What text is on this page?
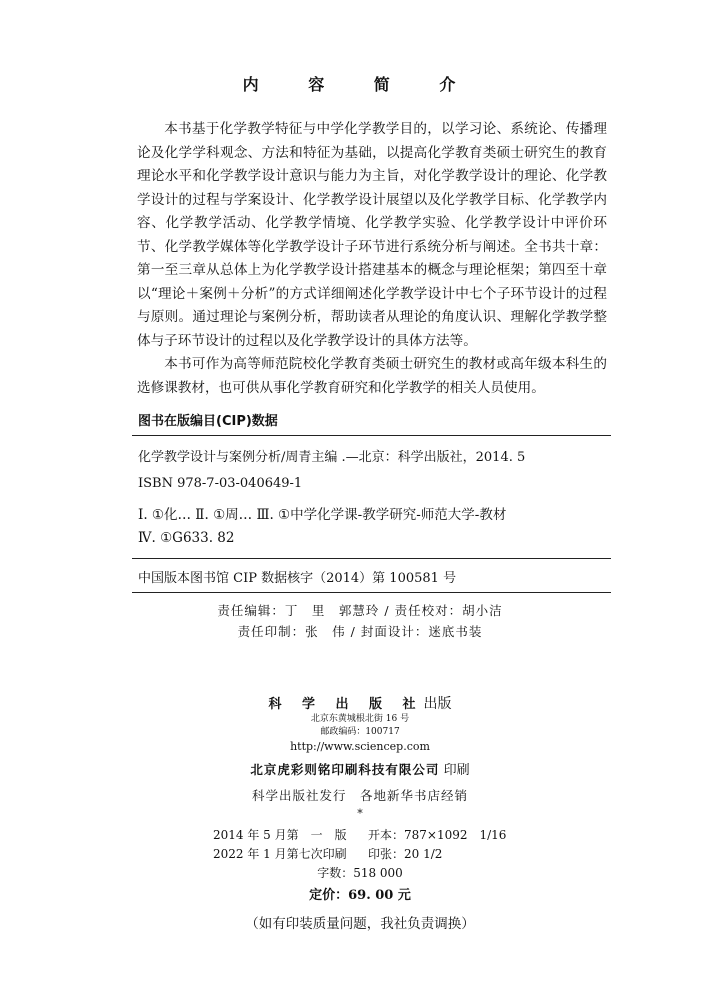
内 容 简 介

本书基于化学教学特征与中学化学教学目的，以学习论、系统论、传播理论及化学学科观念、方法和特征为基础，以提高化学教育类硕士研究生的教育理论水平和化学教学设计意识与能力为主旨，对化学教学设计的理论、化学教学设计的过程与学案设计、化学教学设计展望以及化学教学目标、化学教学内容、化学教学活动、化学教学情境、化学教学实验、化学教学设计中评价环节、化学教学媒体等化学教学设计子环节进行系统分析与阐述。全书共十章：第一至三章从总体上为化学教学设计搭建基本的概念与理论框架；第四至十章以“理论＋案例＋分析”的方式详细阐述化学教学设计中七个子环节设计的过程与原则。通过理论与案例分析，帮助读者从理论的角度认识、理解化学教学整体与子环节设计的过程以及化学教学设计的具体方法等。

本书可作为高等师范院校化学教育类硕士研究生的教材或高年级本科生的选修课教材，也可供从事化学教育研究和化学教学的相关人员使用。

图书在版编目(CIP)数据
化学教学设计与案例分析/周青主编 .—北京：科学出版社，2014. 5
ISBN 978-7-03-040649-1
Ⅰ. ①化… Ⅱ. ①周… Ⅲ. ①中学化学课-教学研究-师范大学-教材
Ⅳ. ①G633. 82
中国版本图书馆 CIP 数据核字（2014）第 100581 号
责任编辑：丁　里　郭慧玲 / 责任校对：胡小洁
责任印制：张　伟 / 封面设计：迷底书装
科 学 出 版 社出版
北京东黄城根北街 16 号
邮政编码：100717
http://www.sciencep.com
北京虎彩则铭印刷科技有限公司 印刷
科学出版社发行　各地新华书店经销
*
2014 年 5 月第　一　版 开本：787×1092　1/16
2022 年 1 月第七次印刷 印张：20 1/2
字数：518 000
定价：69. 00 元
（如有印装质量问题，我社负责调换）
